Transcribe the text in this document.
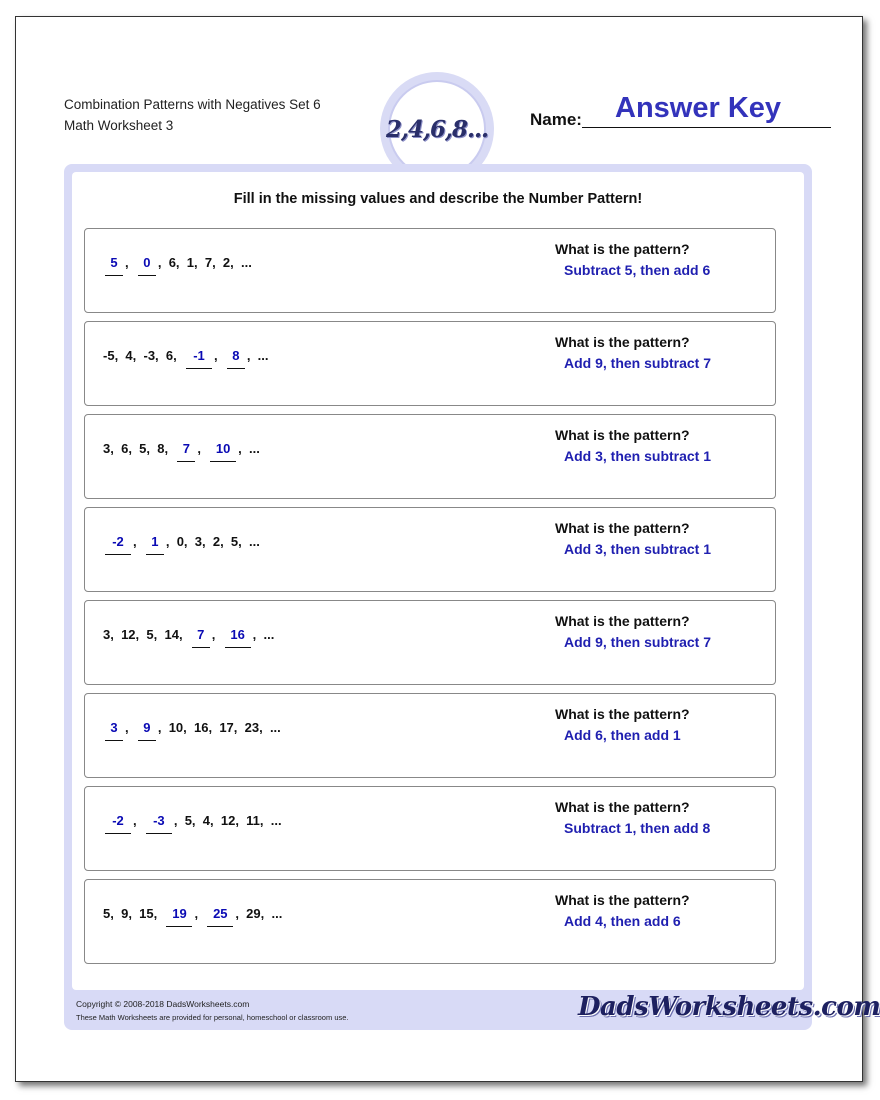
Combination Patterns with Negatives Set 6
Math Worksheet 3	2,4,6,8...
Answer Key
Name:
Fill in the missing values and describe the Number Pattern!
5 , 0 , 6 , 1 , 7 , 2 , ...
What is the pattern?
Subtract 5, then add 6
-5 , 4 , -3 , 6 , -1 , 8 , ...
What is the pattern?
Add 9, then subtract 7
3 , 6 , 5 , 8 , 7 , 10 , ...
What is the pattern?
Add 3, then subtract 1
-2 , 1 , 0 , 3 , 2 , 5 , ...
What is the pattern?
Add 3, then subtract 1
3 , 12 , 5 , 14 , 7 , 16 , ...
What is the pattern?
Add 9, then subtract 7
3 , 9 , 10 , 16 , 17 , 23 , ...
What is the pattern?
Add 6, then add 1
-2 , -3 , 5 , 4 , 12 , 11 , ...
What is the pattern?
Subtract 1, then add 8
5 , 9 , 15 , 19 , 25 , 29 , ...
What is the pattern?
Add 4, then add 6
Copyright © 2008-2018 DadsWorksheets.com
These Math Worksheets are provided for personal, homeschool or classroom use.	DadsWorksheets.com
